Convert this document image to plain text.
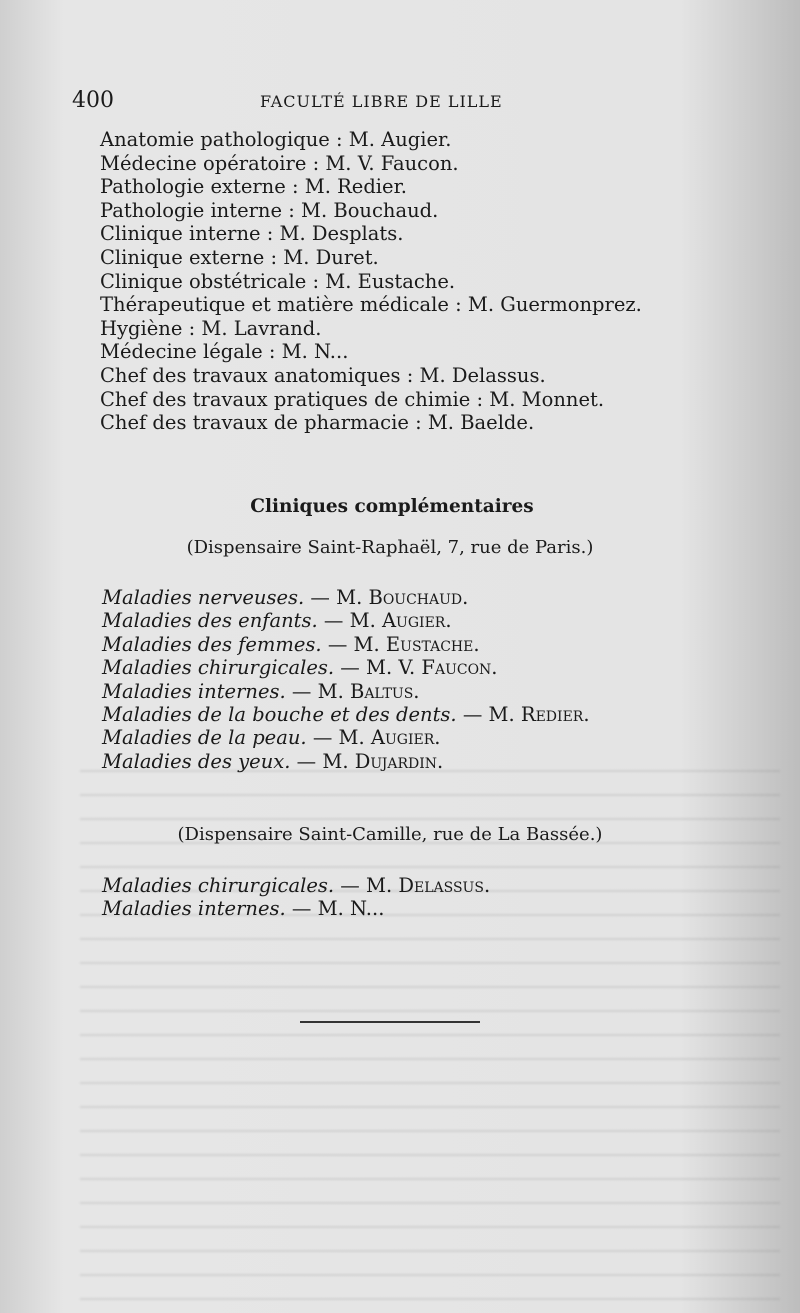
400	FACULTÉ LIBRE DE LILLE
Anatomie pathologique : M. Augier.
Médecine opératoire : M. V. Faucon.
Pathologie externe : M. Redier.
Pathologie interne : M. Bouchaud.
Clinique interne : M. Desplats.
Clinique externe : M. Duret.
Clinique obstétricale : M. Eustache.
Thérapeutique et matière médicale : M. Guermonprez.
Hygiène : M. Lavrand.
Médecine légale : M. N...
Chef des travaux anatomiques : M. Delassus.
Chef des travaux pratiques de chimie : M. Monnet.
Chef des travaux de pharmacie : M. Baelde.
Cliniques complémentaires
(Dispensaire Saint-Raphaël, 7, rue de Paris.)
Maladies nerveuses. — M. Bouchaud.
Maladies des enfants. — M. Augier.
Maladies des femmes. — M. Eustache.
Maladies chirurgicales. — M. V. Faucon.
Maladies internes. — M. Baltus.
Maladies de la bouche et des dents. — M. Redier.
Maladies de la peau. — M. Augier.
Maladies des yeux. — M. Dujardin.
(Dispensaire Saint-Camille, rue de La Bassée.)
Maladies chirurgicales. — M. Delassus.
Maladies internes. — M. N...
